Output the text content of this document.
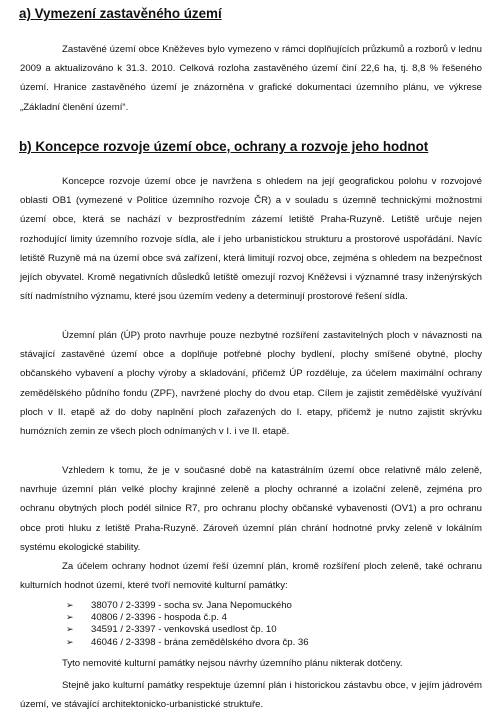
a) Vymezení zastavěného území

Zastavěné území obce Kněževes bylo vymezeno v rámci doplňujících průzkumů a rozborů v lednu 2009 a aktualizováno k 31.3. 2010. Celková rozloha zastavěného území činí 22,6 ha, tj. 8,8 % řešeného území. Hranice zastavěného území je znázorněna v grafické dokumentaci územního plánu, ve výkrese „Základní členění území“.

b) Koncepce rozvoje území obce, ochrany a rozvoje jeho hodnot

Koncepce rozvoje území obce je navržena s ohledem na její geografickou polohu v rozvojové oblasti OB1 (vymezené v Politice územního rozvoje ČR) a v souladu s územně technickými možnostmi území obce, která se nachází v bezprostředním zázemí letiště Praha-Ruzyně. Letiště určuje nejen rozhodující limity územního rozvoje sídla, ale i jeho urbanistickou strukturu a prostorové uspořádání. Navíc letiště Ruzyně má na území obce svá zařízení, která limitují rozvoj obce, zejména s ohledem na bezpečnost jejích obyvatel. Kromě negativních důsledků letiště omezují rozvoj Kněževsi i významné trasy inženýrských sítí nadmístního významu, které jsou územím vedeny a determinují prostorové řešení sídla.

Územní plán (ÚP) proto navrhuje pouze nezbytné rozšíření zastavitelných ploch v návaznosti na stávající zastavěné území obce a doplňuje potřebné plochy bydlení, plochy smíšené obytné, plochy občanského vybavení a plochy výroby a skladování, přičemž ÚP rozděluje, za účelem maximální ochrany zemědělského půdního fondu (ZPF), navržené plochy do dvou etap. Cílem je zajistit zemědělské využívání ploch v II. etapě až do doby naplnění ploch zařazených do I. etapy, přičemž je nutno zajistit skrývku humózních zemin ze všech ploch odnímaných v I. i ve II. etapě.

Vzhledem k tomu, že je v současné době na katastrálním území obce relativně málo zeleně, navrhuje územní plán velké plochy krajinné zeleně a plochy ochranné a izolační zeleně, zejména pro ochranu obytných ploch podél silnice R7, pro ochranu plochy občanské vybavenosti (OV1) a pro ochranu obce proti hluku z letiště Praha-Ruzyně. Zároveň územní plán chrání hodnotné prvky zeleně v lokálním systému ekologické stability.

Za účelem ochrany hodnot území řeší územní plán, kromě rozšíření ploch zeleně, také ochranu kulturních hodnot území, které tvoří nemovité kulturní památky:

➢ 38070 / 2-3399 - socha sv. Jana Nepomuckého
➢ 40806 / 2-3396 - hospoda č.p. 4
➢ 34591 / 2-3397 - venkovská usedlost čp. 10
➢ 46046 / 2-3398 - brána zemědělského dvora čp. 36

Tyto nemovité kulturní památky nejsou návrhy územního plánu nikterak dotčeny.

Stejně jako kulturní památky respektuje územní plán i historickou zástavbu obce, v jejím jádrovém území, ve stávající architektonicko-urbanistické struktuře.
